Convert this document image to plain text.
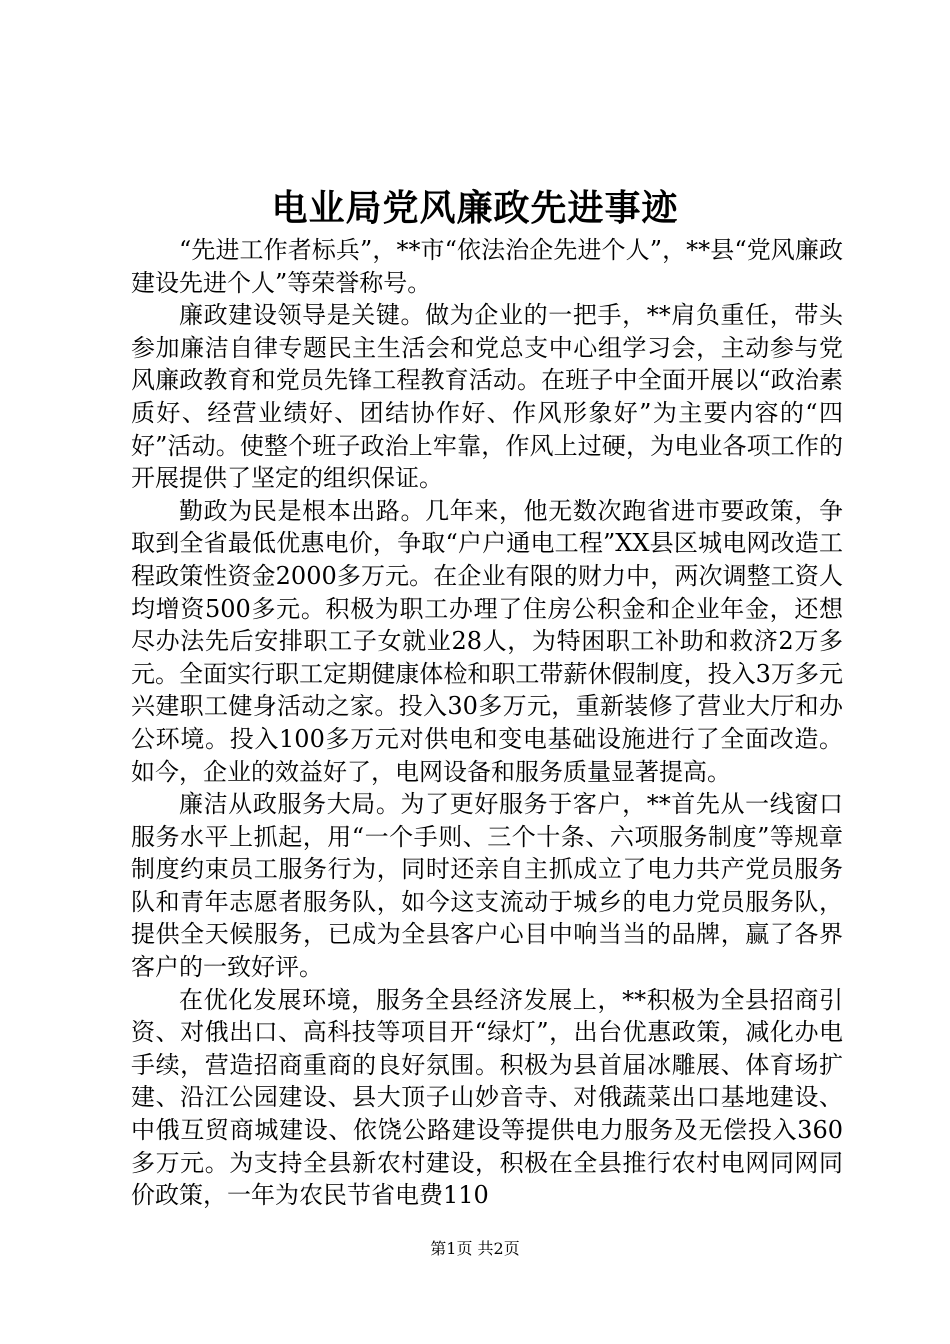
电业局党风廉政先进事迹

“先进工作者标兵”，**市“依法治企先进个人”，**县“党风廉政建设先进个人”等荣誉称号。

廉政建设领导是关键。做为企业的一把手，**肩负重任，带头参加廉洁自律专题民主生活会和党总支中心组学习会，主动参与党风廉政教育和党员先锋工程教育活动。在班子中全面开展以“政治素质好、经营业绩好、团结协作好、作风形象好”为主要内容的“四好”活动。使整个班子政治上牢靠，作风上过硬，为电业各项工作的开展提供了坚定的组织保证。

勤政为民是根本出路。几年来，他无数次跑省进市要政策，争取到全省最低优惠电价，争取“户户通电工程”XX县区城电网改造工程政策性资金2000多万元。在企业有限的财力中，两次调整工资人均增资500多元。积极为职工办理了住房公积金和企业年金，还想尽办法先后安排职工子女就业28人，为特困职工补助和救济2万多元。全面实行职工定期健康体检和职工带薪休假制度，投入3万多元兴建职工健身活动之家。投入30多万元，重新装修了营业大厅和办公环境。投入100多万元对供电和变电基础设施进行了全面改造。如今，企业的效益好了，电网设备和服务质量显著提高。

廉洁从政服务大局。为了更好服务于客户，**首先从一线窗口服务水平上抓起，用“一个手则、三个十条、六项服务制度”等规章制度约束员工服务行为，同时还亲自主抓成立了电力共产党员服务队和青年志愿者服务队，如今这支流动于城乡的电力党员服务队，提供全天候服务，已成为全县客户心目中响当当的品牌，赢了各界客户的一致好评。

在优化发展环境，服务全县经济发展上，**积极为全县招商引资、对俄出口、高科技等项目开“绿灯”，出台优惠政策，减化办电手续，营造招商重商的良好氛围。积极为县首届冰雕展、体育场扩建、沿江公园建设、县大顶子山妙音寺、对俄蔬菜出口基地建设、中俄互贸商城建设、依饶公路建设等提供电力服务及无偿投入360多万元。为支持全县新农村建设，积极在全县推行农村电网同网同价政策，一年为农民节省电费110

第1页 共2页
